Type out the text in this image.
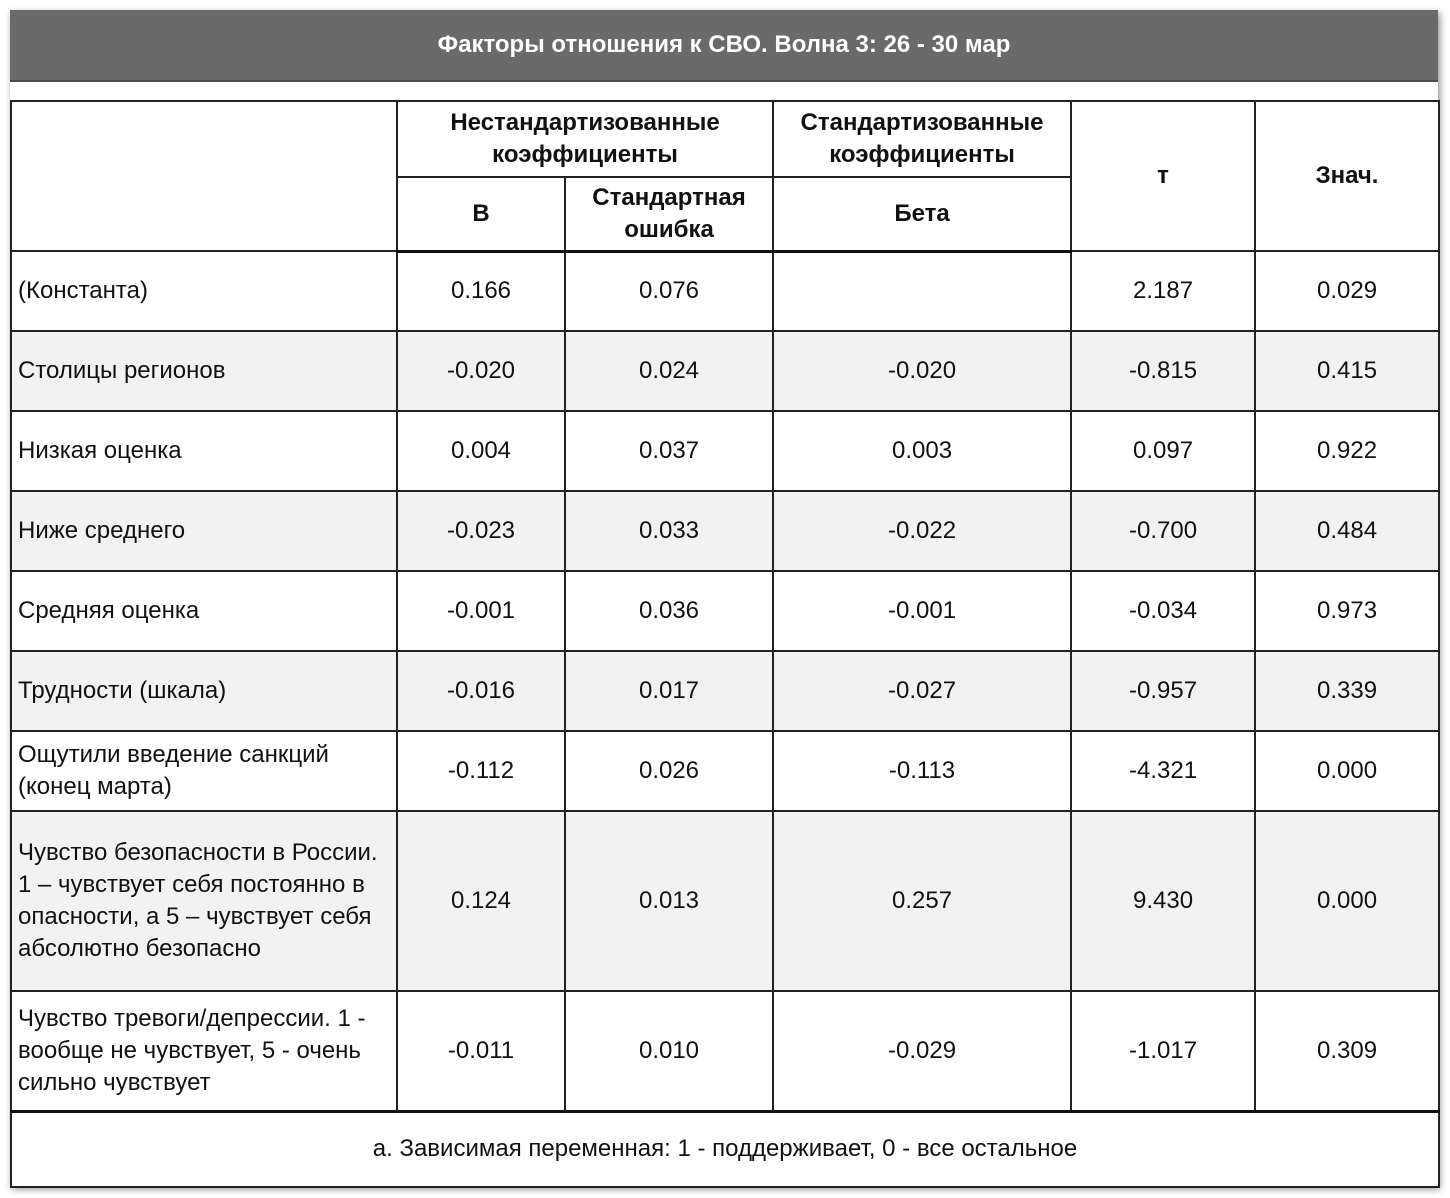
Факторы отношения к СВО. Волна 3: 26 - 30 мар
	Нестандартизованные коэффициенты		Стандартизованные коэффициенты	т	Знач.
	B	Стандартная ошибка	Бета		
(Константа)	0.166	0.076		2.187	0.029
Столицы регионов	-0.020	0.024	-0.020	-0.815	0.415
Низкая оценка	0.004	0.037	0.003	0.097	0.922
Ниже среднего	-0.023	0.033	-0.022	-0.700	0.484
Средняя оценка	-0.001	0.036	-0.001	-0.034	0.973
Трудности (шкала)	-0.016	0.017	-0.027	-0.957	0.339
Ощутили введение санкций (конец марта)	-0.112	0.026	-0.113	-4.321	0.000
Чувство безопасности в России. 1 – чувствует себя постоянно в опасности, а 5 – чувствует себя абсолютно безопасно	0.124	0.013	0.257	9.430	0.000
Чувство тревоги/депрессии. 1 - вообще не чувствует, 5 - очень сильно чувствует	-0.011	0.010	-0.029	-1.017	0.309
a. Зависимая переменная: 1 - поддерживает, 0 - все остальное					
